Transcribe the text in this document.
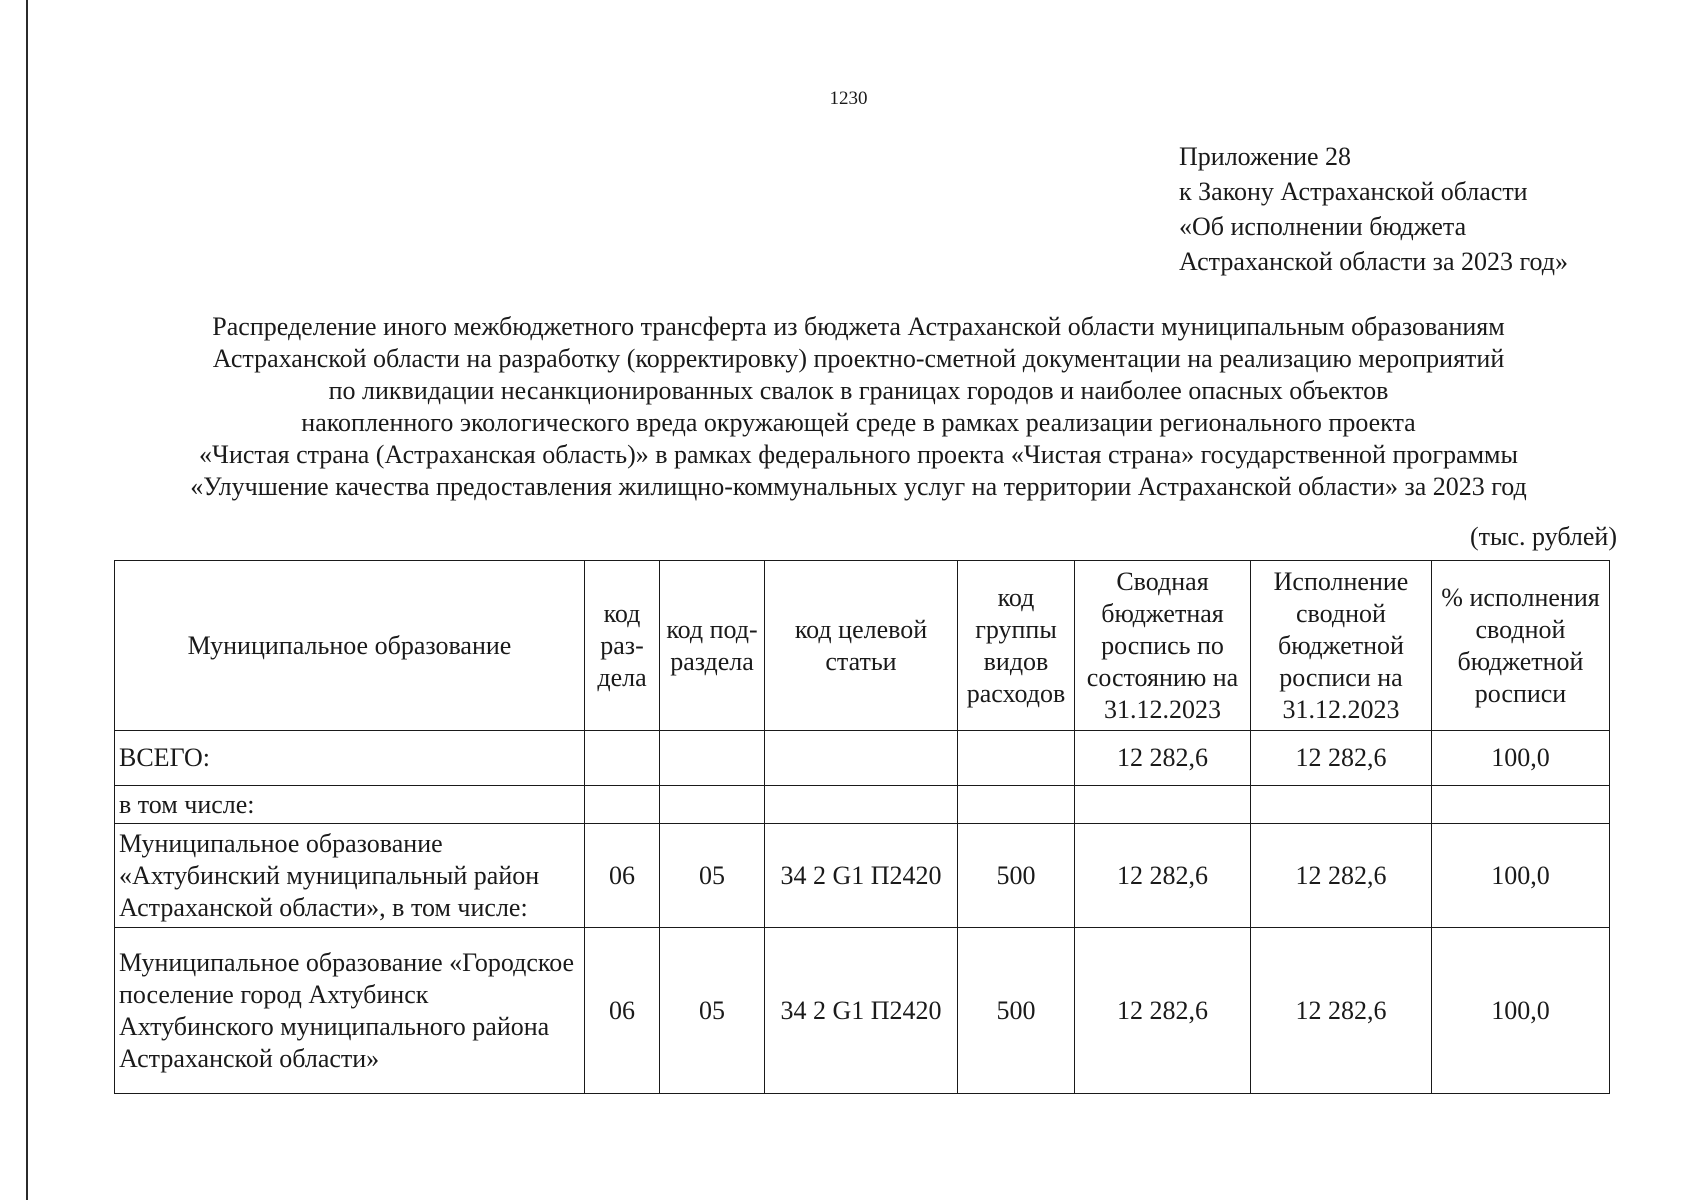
1230
Приложение 28
к Закону Астраханской области
«Об исполнении бюджета
Астраханской области за 2023 год»
Распределение иного межбюджетного трансферта из бюджета Астраханской области муниципальным образованиям
Астраханской области на разработку (корректировку) проектно-сметной документации на реализацию мероприятий
по ликвидации несанкционированных свалок в границах городов и наиболее опасных объектов
накопленного экологического вреда окружающей среде в рамках реализации регионального проекта
«Чистая страна (Астраханская область)» в рамках федерального проекта «Чистая страна» государственной программы
«Улучшение качества предоставления жилищно-коммунальных услуг на территории Астраханской области» за 2023 год
(тыс. рублей)
Муниципальное образование	код раз-дела	код под-раздела	код целевой статьи	код группы видов расходов	Сводная бюджетная роспись по состоянию на 31.12.2023	Исполнение сводной бюджетной росписи на 31.12.2023	% исполнения сводной бюджетной росписи
ВСЕГО:					12 282,6	12 282,6	100,0
в том числе:							
Муниципальное образование «Ахтубинский муниципальный район Астраханской области», в том числе:	06	05	34 2 G1 П2420	500	12 282,6	12 282,6	100,0
Муниципальное образование «Городское поселение город Ахтубинск Ахтубинского муниципального района Астраханской области»	06	05	34 2 G1 П2420	500	12 282,6	12 282,6	100,0
